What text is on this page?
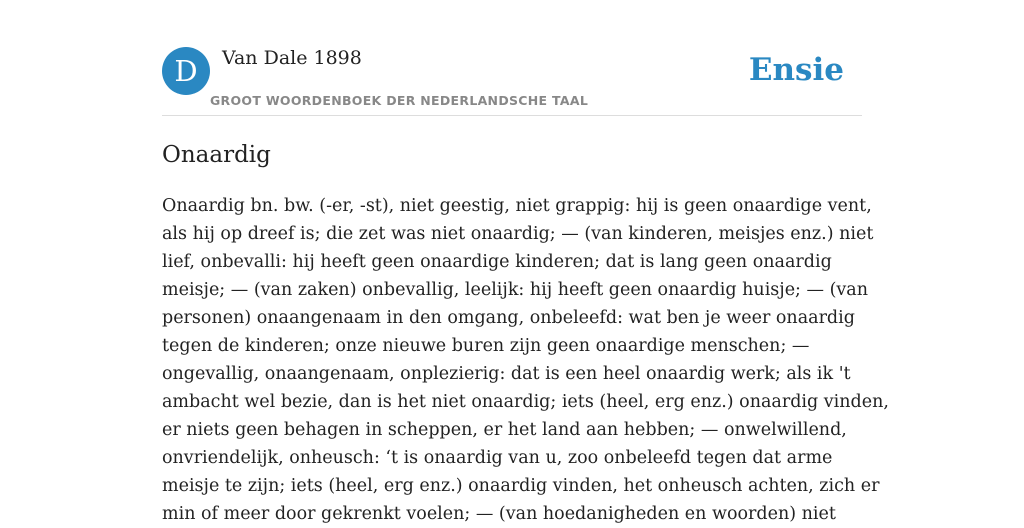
D	Van Dale 1898
GROOT WOORDENBOEK DER NEDERLANDSCHE TAAL
Ensie
Onaardig
Onaardig bn. bw. (-er, -st), niet geestig, niet grappig: hij is geen onaardige vent,
als hij op dreef is; die zet was niet onaardig; — (van kinderen, meisjes enz.) niet
lief, onbevalli: hij heeft geen onaardige kinderen; dat is lang geen onaardig
meisje; — (van zaken) onbevallig, leelijk: hij heeft geen onaardig huisje; — (van
personen) onaangenaam in den omgang, onbeleefd: wat ben je weer onaardig
tegen de kinderen; onze nieuwe buren zijn geen onaardige menschen; —
ongevallig, onaangenaam, onplezierig: dat is een heel onaardig werk; als ik 't
ambacht wel bezie, dan is het niet onaardig; iets (heel, erg enz.) onaardig vinden,
er niets geen behagen in scheppen, er het land aan hebben; — onwelwillend,
onvriendelijk, onheusch: ‘t is onaardig van u, zoo onbeleefd tegen dat arme
meisje te zijn; iets (heel, erg enz.) onaardig vinden, het onheusch achten, zich er
min of meer door gekrenkt voelen; — (van hoedanigheden en woorden) niet
